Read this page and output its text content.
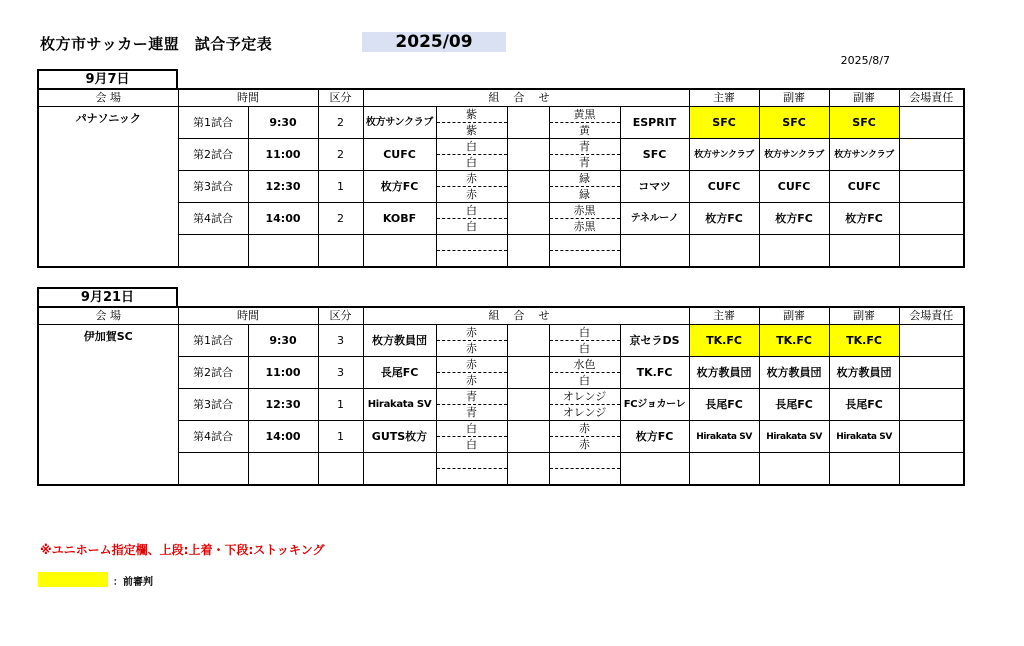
枚方市サッカー連盟　試合予定表	2025/09
2025/8/7
9月7日
会 場	時間		区分	組合せ					主審	副審	副審	会場責任
パナソニック	第1試合	9:30	2	枚方サンクラブ	紫		黄黒	ESPRIT	SFC	SFC	SFC	
					紫		黄					
	第2試合	11:00	2	CUFC	白		青	SFC	枚方サンクラブ	枚方サンクラブ	枚方サンクラブ	
					白		青					
	第3試合	12:30	1	枚方FC	赤		緑	コマツ	CUFC	CUFC	CUFC	
					赤		緑					
	第4試合	14:00	2	KOBF	白		赤黒	テネルーノ	枚方FC	枚方FC	枚方FC	
					白		赤黒					

9月21日
会 場	時間		区分	組合せ					主審	副審	副審	会場責任
伊加賀SC	第1試合	9:30	3	枚方教員団	赤		白	京セラDS	TK.FC	TK.FC	TK.FC	
					赤		白					
	第2試合	11:00	3	長尾FC	赤		水色	TK.FC	枚方教員団	枚方教員団	枚方教員団	
					赤		白					
	第3試合	12:30	1	Hirakata SV	青		オレンジ	FCジョカーレ	長尾FC	長尾FC	長尾FC	
					青		オレンジ					
	第4試合	14:00	1	GUTS枚方	白		赤	枚方FC	Hirakata SV	Hirakata SV	Hirakata SV	
					白		赤					

※ユニホーム指定欄、上段:上着・下段:ストッキング
：前審判
